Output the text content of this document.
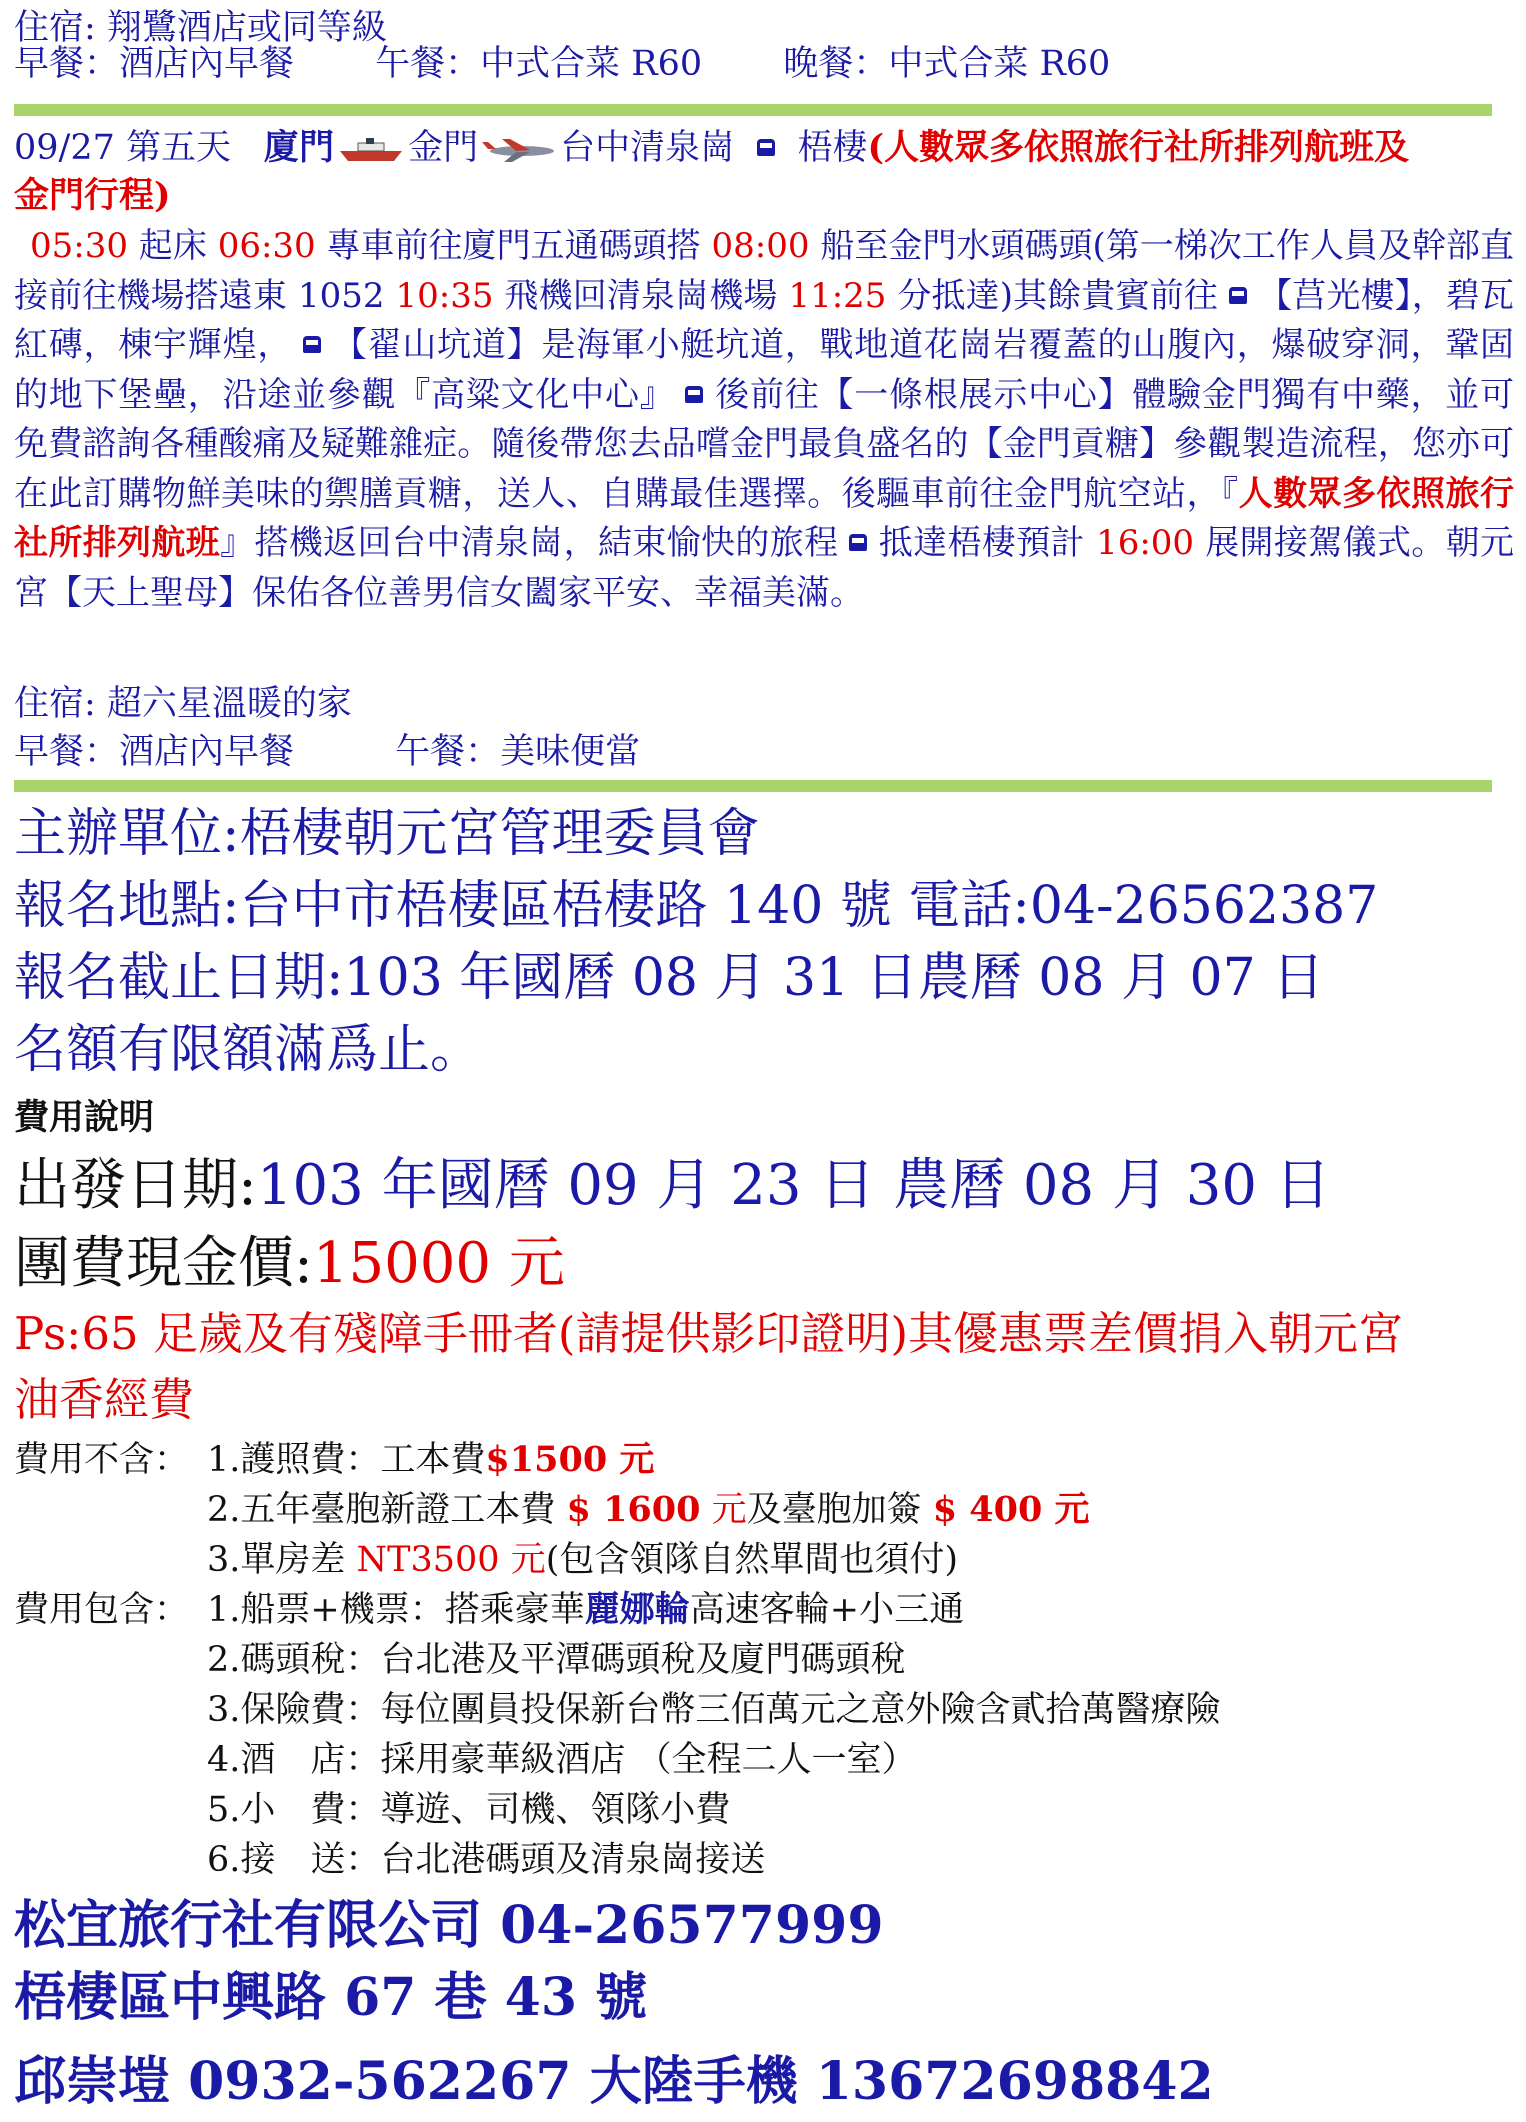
住宿: 翔鷺酒店或同等級
早餐：酒店內早餐 午餐：中式合菜 R60 晚餐：中式合菜 R60
09/27 第五天 廈門 金門 台中清泉崗 梧棲(人數眾多依照旅行社所排列航班及
金門行程)
05:30 起床 06:30 專車前往廈門五通碼頭搭 08:00 船至金門水頭碼頭(第一梯次工作人員及幹部直接前往機場搭遠東 1052 10:35 飛機回清泉崗機場 11:25 分抵達)其餘貴賓前往 【莒光樓】，碧瓦紅磚，棟宇輝煌， 【翟山坑道】是海軍小艇坑道，戰地道花崗岩覆蓋的山腹內，爆破穿洞，鞏固的地下堡壘，沿途並參觀『高粱文化中心』 後前往【一條根展示中心】體驗金門獨有中藥，並可免費諮詢各種酸痛及疑難雜症。隨後帶您去品嚐金門最負盛名的【金門貢糖】參觀製造流程，您亦可在此訂購物鮮美味的禦膳貢糖，送人、自購最佳選擇。後驅車前往金門航空站，『人數眾多依照旅行社所排列航班』搭機返回台中清泉崗，結束愉快的旅程 抵達梧棲預計 16:00 展開接駕儀式。朝元宮【天上聖母】保佑各位善男信女闔家平安、幸福美滿。
住宿: 超六星溫暖的家
早餐：酒店內早餐	午餐：美味便當
主辦單位:梧棲朝元宮管理委員會
報名地點:台中市梧棲區梧棲路 140 號 電話:04-26562387
報名截止日期:103 年國曆 08 月 31 日農曆 08 月 07 日
名額有限額滿爲止。
費用說明
出發日期:103 年國曆 09 月 23 日 農曆 08 月 30 日
團費現金價:15000 元
Ps:65 足歲及有殘障手冊者(請提供影印證明)其優惠票差價捐入朝元宮
油香經費
費用不含： 1.護照費：工本費$1500 元
2.五年臺胞新證工本費 $ 1600 元及臺胞加簽 $ 400 元
3.單房差 NT3500 元(包含領隊自然單間也須付)
費用包含： 1.船票+機票：搭乘豪華麗娜輪高速客輪+小三通
2.碼頭稅：台北港及平潭碼頭稅及廈門碼頭稅
3.保險費：每位團員投保新台幣三佰萬元之意外險含貳拾萬醫療險
4.酒　店：採用豪華級酒店 （全程二人一室）
5.小　費：導遊、司機、領隊小費
6.接　送：台北港碼頭及清泉崗接送
松宜旅行社有限公司 04-26577999
梧棲區中興路 67 巷 43 號
邱崇塏 0932-562267 大陸手機 13672698842
